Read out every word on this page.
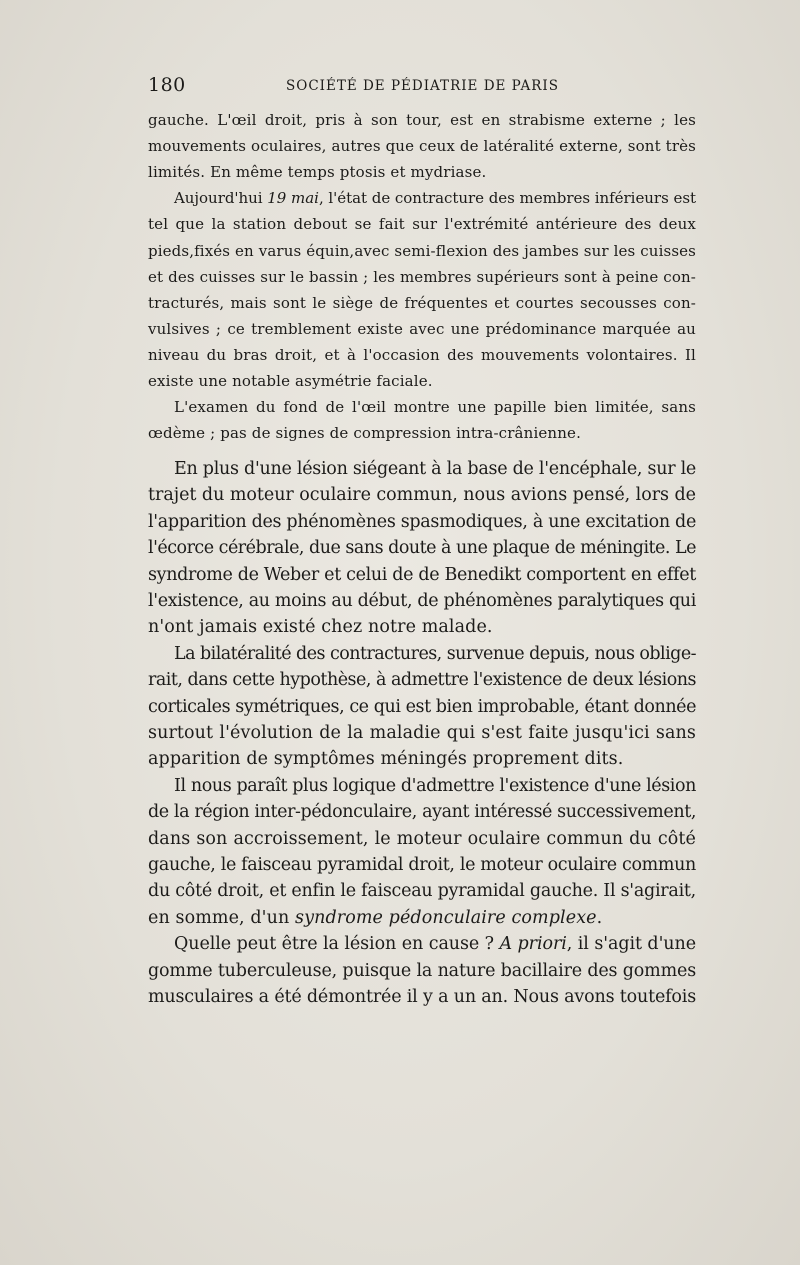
180	SOCIÉTÉ DE PÉDIATRIE DE PARIS
gauche. L'œil droit, pris à son tour, est en strabisme externe ; les
mouvements oculaires, autres que ceux de latéralité externe, sont très
limités. En même temps ptosis et mydriase.
Aujourd'hui 19 mai, l'état de contracture des membres inférieurs est
tel que la station debout se fait sur l'extrémité antérieure des deux
pieds,fixés en varus équin,avec semi-flexion des jambes sur les cuisses
et des cuisses sur le bassin ; les membres supérieurs sont à peine con-
tracturés, mais sont le siège de fréquentes et courtes secousses con-
vulsives ; ce tremblement existe avec une prédominance marquée au
niveau du bras droit, et à l'occasion des mouvements volontaires. Il
existe une notable asymétrie faciale.
L'examen du fond de l'œil montre une papille bien limitée, sans
œdème ; pas de signes de compression intra-crânienne.
En plus d'une lésion siégeant à la base de l'encéphale, sur le
trajet du moteur oculaire commun, nous avions pensé, lors de
l'apparition des phénomènes spasmodiques, à une excitation de
l'écorce cérébrale, due sans doute à une plaque de méningite. Le
syndrome de Weber et celui de de Benedikt comportent en effet
l'existence, au moins au début, de phénomènes paralytiques qui
n'ont jamais existé chez notre malade.
La bilatéralité des contractures, survenue depuis, nous oblige-
rait, dans cette hypothèse, à admettre l'existence de deux lésions
corticales symétriques, ce qui est bien improbable, étant donnée
surtout l'évolution de la maladie qui s'est faite jusqu'ici sans
apparition de symptômes méningés proprement dits.
Il nous paraît plus logique d'admettre l'existence d'une lésion
de la région inter-pédonculaire, ayant intéressé successivement,
dans son accroissement, le moteur oculaire commun du côté
gauche, le faisceau pyramidal droit, le moteur oculaire commun
du côté droit, et enfin le faisceau pyramidal gauche. Il s'agirait,
en somme, d'un syndrome pédonculaire complexe.
Quelle peut être la lésion en cause ? A priori, il s'agit d'une
gomme tuberculeuse, puisque la nature bacillaire des gommes
musculaires a été démontrée il y a un an. Nous avons toutefois
